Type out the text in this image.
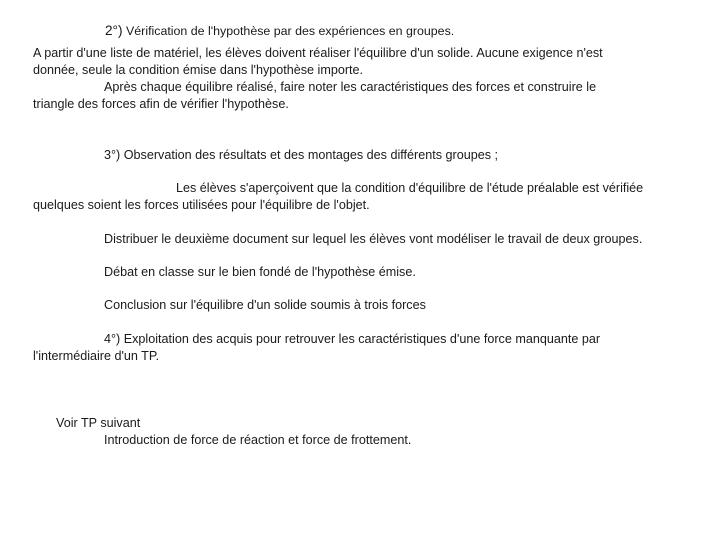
2°) Vérification de l'hypothèse par des expériences en groupes.
A partir d'une liste de matériel, les élèves doivent réaliser l'équilibre d'un solide. Aucune exigence n'est
donnée, seule la condition émise dans l'hypothèse importe.
Après chaque équilibre réalisé, faire noter les caractéristiques des forces et construire le
triangle des forces afin de vérifier l'hypothèse.
3°) Observation des résultats et des montages des différents groupes ;
Les élèves s'aperçoivent que la condition d'équilibre de l'étude préalable est vérifiée
quelques soient les forces utilisées pour l'équilibre de l'objet.
Distribuer le deuxième document sur lequel les élèves vont modéliser le travail de deux groupes.
Débat en classe sur le bien fondé de l'hypothèse émise.
Conclusion sur l'équilibre d'un solide soumis à trois forces
4°) Exploitation des acquis pour retrouver les caractéristiques d'une force manquante par
l'intermédiaire d'un TP.
Voir TP suivant
Introduction de force de réaction et force de frottement.
